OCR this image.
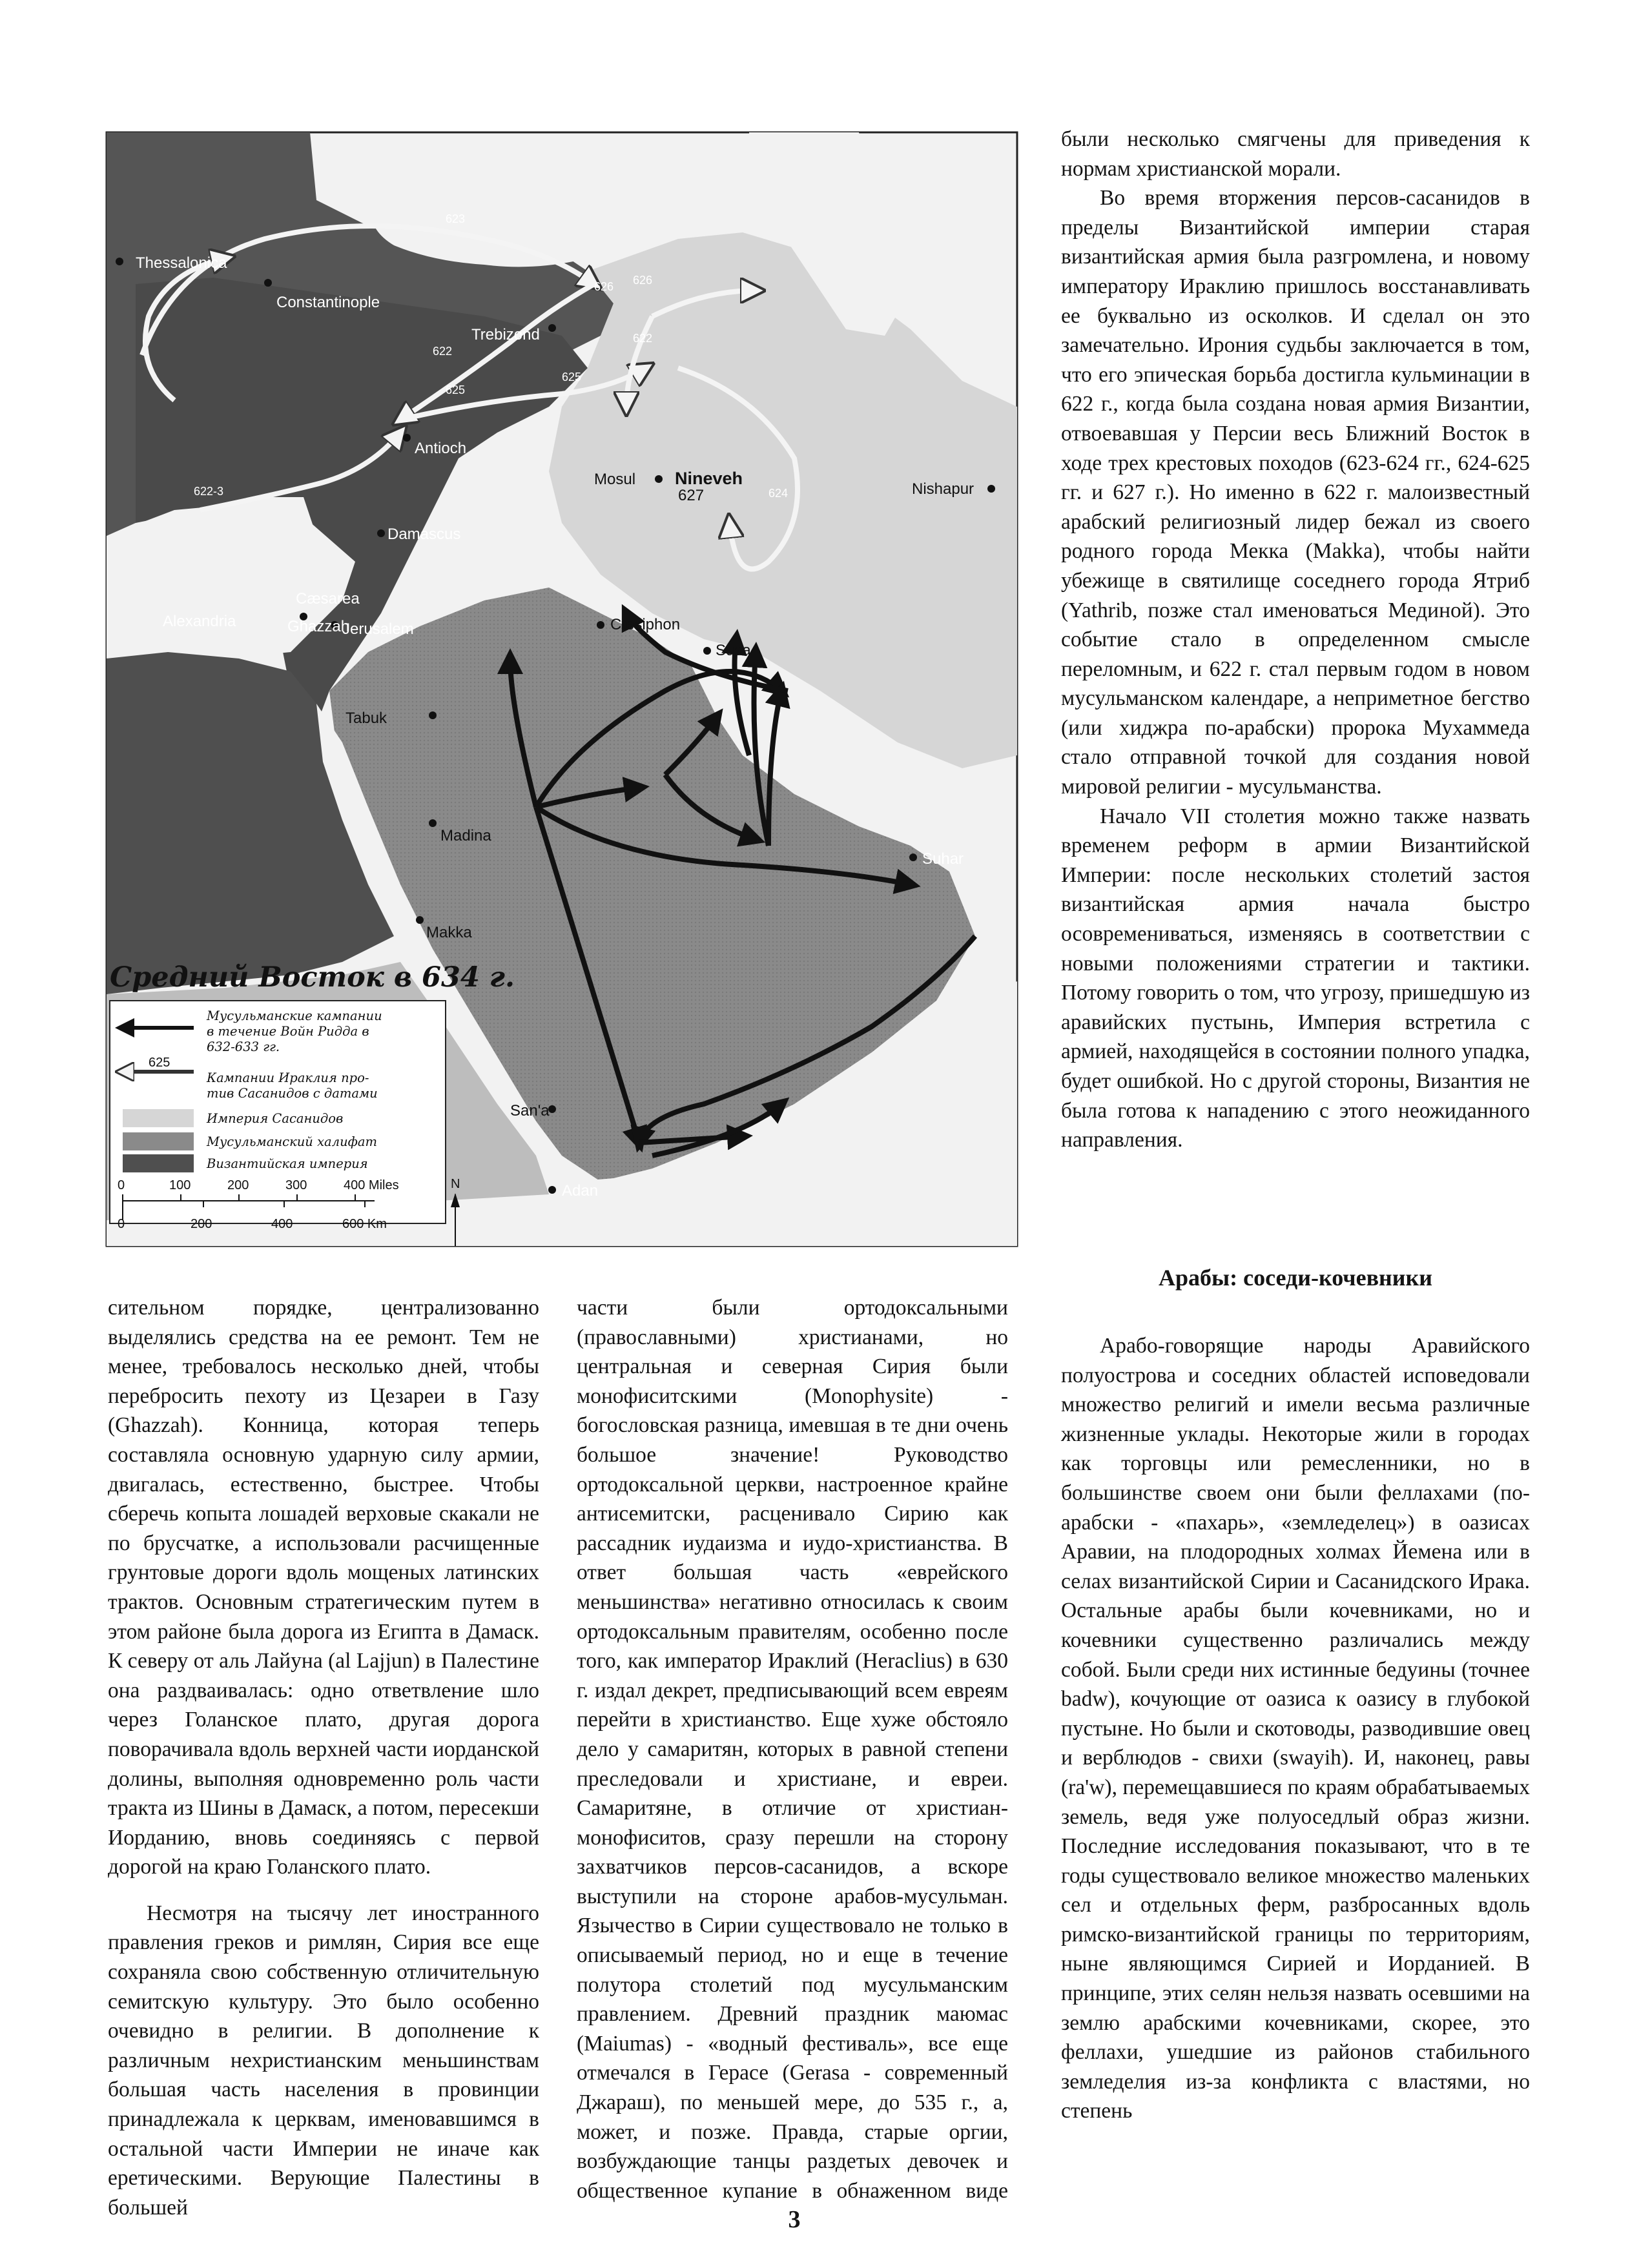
623
626
622
625
622-3
625
626
622
624
Thessalonica
Constantinople
Trebizond
Antioch
Mosul Nineveh
627	Nishapur
Damascus
Cæsarea
Alexandria	Ghazzah
Jerusalem	Ctesiphon
Susa
Tabuk
Madina
Suhar
Makka
San'a
Adan
Средний Восток в 634 г.
Мусульманские кампании в течение Войн Ридда в 632-633 гг.
625
Кампании Ираклия про-тив Сасанидов с датами
Империя Сасанидов
Мусульманский халифат
Византийская империя
0	100	200	300	400 Miles
0	200	400	600 Km
N

были несколько смягчены для приведения к нормам христианской морали.

Во время вторжения персов-сасанидов в пределы Византийской империи старая византийская армия была разгромлена, и новому императору Ираклию пришлось восстанавливать ее буквально из осколков. И сделал он это замечательно. Ирония судьбы заключается в том, что его эпическая борьба достигла кульминации в 622 г., когда была создана новая армия Византии, отвоевавшая у Персии весь Ближний Восток в ходе трех крестовых походов (623-624 гг., 624-625 гг. и 627 г.). Но именно в 622 г. малоизвестный арабский религиозный лидер бежал из своего родного города Мекка (Makka), чтобы найти убежище в святилище соседнего города Ятриб (Yathrib, позже стал именоваться Мединой). Это событие стало в определенном смысле переломным, и 622 г. стал первым годом в новом мусульманском календаре, а неприметное бегство (или хиджра по-арабски) пророка Мухаммеда стало отправной точкой для создания новой мировой религии - мусульманства.

Начало VII столетия можно также назвать временем реформ в армии Византийской Империи: после нескольких столетий застоя византийская армия начала быстро осовремениваться, изменяясь в соответствии с новыми положениями стратегии и тактики. Потому говорить о том, что угрозу, пришедшую из аравийских пустынь, Империя встретила с армией, находящейся в состоянии полного упадка, будет ошибкой. Но с другой стороны, Византия не была готова к нападению с этого неожиданного направления.

Арабы: соседи-кочевники

Арабо-говорящие народы Аравийского полуострова и соседних областей исповедовали множество религий и имели весьма различные жизненные уклады. Некоторые жили в городах как торговцы или ремесленники, но в большинстве своем они были феллахами (по-арабски - «пахарь», «земледелец») в оазисах Аравии, на плодородных холмах Йемена или в селах византийской Сирии и Сасанидского Ирака. Остальные арабы были кочевниками, но и кочевники существенно различались между собой. Были среди них истинные бедуины (точнее badw), кочующие от оазиса к оазису в глубокой пустыне. Но были и скотоводы, разводившие овец и верблюдов - свихи (swayih). И, наконец, равы (ra'w), перемещавшиеся по краям обрабатываемых земель, ведя уже полуоседлый образ жизни. Последние исследования показывают, что в те годы существовало великое множество маленьких сел и отдельных ферм, разбросанных вдоль римско-византийской границы по территориям, ныне являющимся Сирией и Иорданией. В принципе, этих селян нельзя назвать осевшими на землю арабскими кочевниками, скорее, это феллахи, ушедшие из районов стабильного земледелия из-за конфликта с властями, но степень

сительном порядке, централизованно выделялись средства на ее ремонт. Тем не менее, требовалось несколько дней, чтобы перебросить пехоту из Цезареи в Газу (Ghazzah). Конница, которая теперь составляла основную ударную силу армии, двигалась, естественно, быстрее. Чтобы сберечь копыта лошадей верховые скакали не по брусчатке, а использовали расчищенные грунтовые дороги вдоль мощеных латинских трактов. Основным стратегическим путем в этом районе была дорога из Египта в Дамаск. К северу от аль Лайуна (al Lajjun) в Палестине она раздваивалась: одно ответвление шло через Голанское плато, другая дорога поворачивала вдоль верхней части иорданской долины, выполняя одновременно роль части тракта из Шины в Дамаск, а потом, пересекши Иорданию, вновь соединяясь с первой дорогой на краю Голанского плато.

Несмотря на тысячу лет иностранного правления греков и римлян, Сирия все еще сохраняла свою собственную отличительную семитскую культуру. Это было особенно очевидно в религии. В дополнение к различным нехристианским меньшинствам большая часть населения в провинции принадлежала к церквам, именовавшимся в остальной части Империи не иначе как еретическими. Верующие Палестины в большей

части были ортодоксальными (православными) христианами, но центральная и северная Сирия были монофиситскими (Monophysite) - богословская разница, имевшая в те дни очень большое значение! Руководство ортодоксальной церкви, настроенное крайне антисемитски, расценивало Сирию как рассадник иудаизма и иудо-христианства. В ответ большая часть «еврейского меньшинства» негативно относилась к своим ортодоксальным правителям, особенно после того, как император Ираклий (Heraclius) в 630 г. издал декрет, предписывающий всем евреям перейти в христианство. Еще хуже обстояло дело у самаритян, которых в равной степени преследовали и христиане, и евреи. Самаритяне, в отличие от христиан-монофиситов, сразу перешли на сторону захватчиков персов-сасанидов, а вскоре выступили на стороне арабов-мусульман. Язычество в Сирии существовало не только в описываемый период, но и еще в течение полутора столетий под мусульманским правлением. Древний праздник маюмас (Maiumas) - «водный фестиваль», все еще отмечался в Герасе (Gerasa - современный Джараш), по меньшей мере, до 535 г., а, может, и позже. Правда, старые оргии, возбуждающие танцы раздетых девочек и общественное купание в обнаженном виде

3
